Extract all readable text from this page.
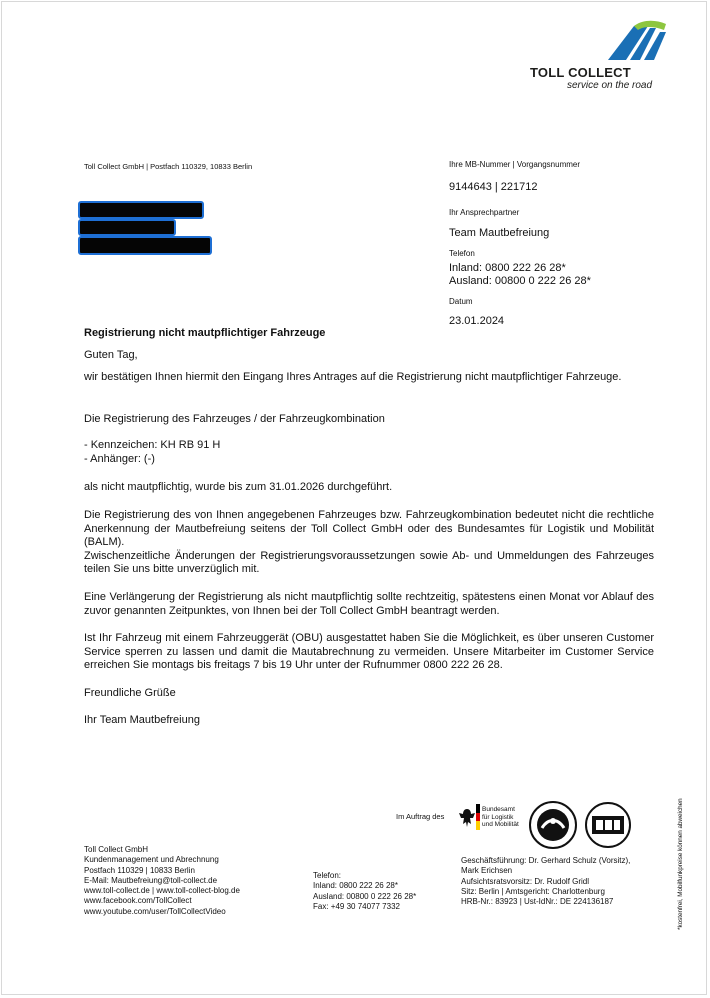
TOLL COLLECT
service on the road
Toll Collect GmbH | Postfach 110329, 10833 Berlin	Ihre MB-Nummer | Vorgangsnummer
9144643 | 221712
Ihr Ansprechpartner
Team Mautbefreiung
Telefon
Inland: 0800 222 26 28*
Ausland: 00800 0 222 26 28*
Datum
23.01.2024
Registrierung nicht mautpflichtiger Fahrzeuge
Guten Tag,
wir bestätigen Ihnen hiermit den Eingang Ihres Antrages auf die Registrierung nicht mautpflichtiger Fahrzeuge.
Die Registrierung des Fahrzeuges / der Fahrzeugkombination
- Kennzeichen: KH RB 91 H
- Anhänger: (-)
als nicht mautpflichtig, wurde bis zum 31.01.2026 durchgeführt.

Die Registrierung des von Ihnen angegebenen Fahrzeuges bzw. Fahrzeugkombination bedeutet nicht die rechtliche Anerkennung der Mautbefreiung seitens der Toll Collect GmbH oder des Bundesamtes für Logistik und Mobilität (BALM).

Zwischenzeitliche Änderungen der Registrierungsvoraussetzungen sowie Ab- und Ummeldungen des Fahrzeuges teilen Sie uns bitte unverzüglich mit.

Eine Verlängerung der Registrierung als nicht mautpflichtig sollte rechtzeitig, spätestens einen Monat vor Ablauf des zuvor genannten Zeitpunktes, von Ihnen bei der Toll Collect GmbH beantragt werden.
Ist Ihr Fahrzeug mit einem Fahrzeuggerät (OBU) ausgestattet haben Sie die Möglichkeit, es über unseren Customer Service sperren zu lassen und damit die Mautabrechnung zu vermeiden. Unsere Mitarbeiter im Customer Service erreichen Sie montags bis freitags 7 bis 19 Uhr unter der Rufnummer 0800 222 26 28.
Freundliche Grüße
Ihr Team Mautbefreiung
Im Auftrag des
Bundesamt
für Logistik
und Mobilität	*kostenfrei, Mobilfunkpreise können abweichen
Toll Collect GmbH
Kundenmanagement und Abrechnung
Postfach 110329 | 10833 Berlin
E-Mail: Mautbefreiung@toll-collect.de
www.toll-collect.de | www.toll-collect-blog.de
www.facebook.com/TollCollect
www.youtube.com/user/TollCollectVideo
Telefon:
Inland: 0800 222 26 28*
Ausland: 00800 0 222 26 28*
Fax: +49 30 74077 7332
Geschäftsführung: Dr. Gerhard Schulz (Vorsitz),
Mark Erichsen
Aufsichtsratsvorsitz: Dr. Rudolf Gridl
Sitz: Berlin | Amtsgericht: Charlottenburg
HRB-Nr.: 83923 | Ust-IdNr.: DE 224136187
